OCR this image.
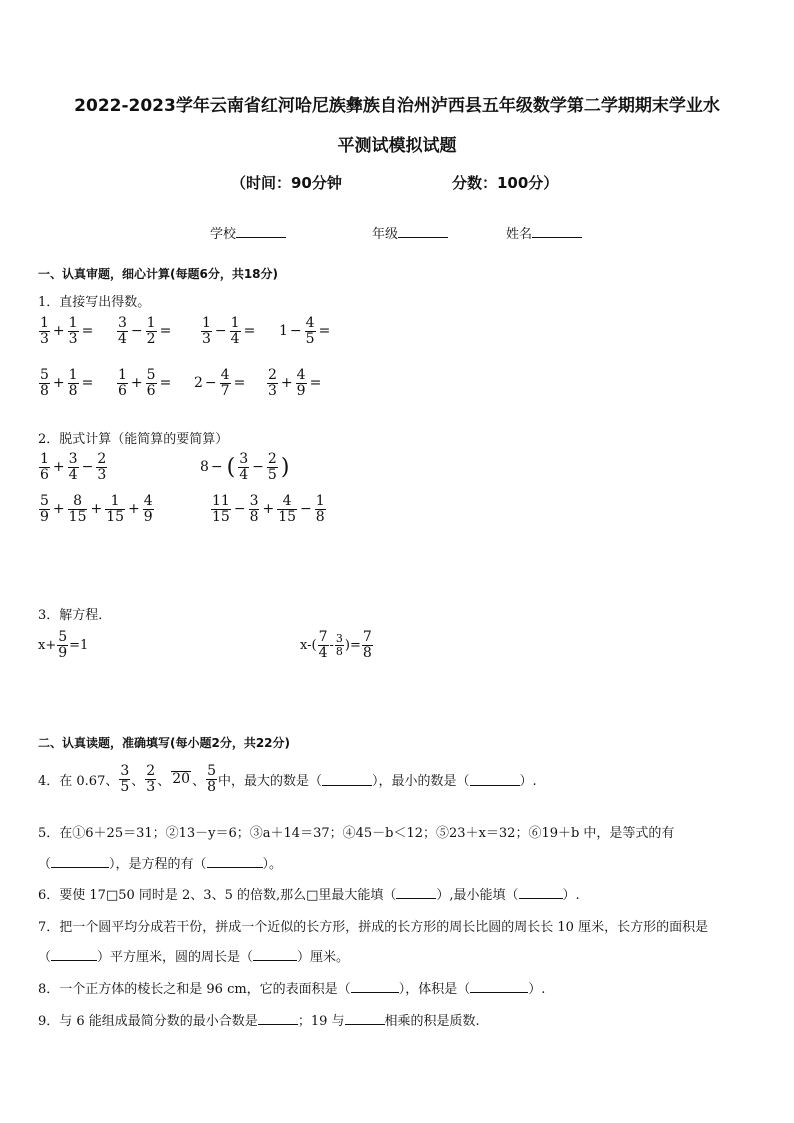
2022-2023学年云南省红河哈尼族彝族自治州泸西县五年级数学第二学期期末学业水
平测试模拟试题
（时间：90分钟	分数：100分）
学校	年级	姓名
一、认真审题，细心计算(每题6分，共18分)
1．直接写出得数。
$\frac{1}{3} + \frac{1}{3} = \frac{3}{4} - \frac{1}{2} = \frac{1}{3} - \frac{1}{4} = 1 - \frac{4}{5}$ =
$\frac{5}{8} + \frac{1}{8} = \frac{1}{6} + \frac{5}{6} = 2 - \frac{4}{7} = \frac{2}{3} + \frac{4}{9}$ =
2．脱式计算（能简算的要简算）
$\frac{1}{6} + \frac{3}{4} - \frac{2}{3}$	8 − ( $\frac{3}{4} - \frac{2}{5}$ )
$\frac{5}{9} + \frac{8}{15} + \frac{1}{15} + \frac{4}{9}$	$\frac{11}{15} - \frac{3}{8} + \frac{4}{15} - \frac{1}{8}$
3．解方程．
$x+ \frac{5}{9} =1$	$x-( \frac{7}{4} - \frac{3}{8}$ )= $\frac{7}{8}$
二、认真读题，准确填写(每小题2分，共22分)
4．在 0.67、 $\frac{3}{5}$ 、 $\frac{2}{3}$ 、 20 、 $\frac{5}{8}$ 中，最大的数是（	），最小的数是（	）.
5．在①6＋25＝31；②13－y＝6；③a＋14＝37；④45－b＜12；⑤23＋x＝32；⑥19＋b 中，是等式的有
（	），是方程的有（	）。
6．要使 17□50 同时是 2、3、5 的倍数,那么□里最大能填（	）,最小能填（	）.
7．把一个圆平均分成若干份，拼成一个近似的长方形，拼成的长方形的周长比圆的周长长 10 厘米，长方形的面积是
（	）平方厘米，圆的周长是（	）厘米。
8．一个正方体的棱长之和是 96 cm，它的表面积是（	），体积是（	）.
9．与 6 能组成最简分数的最小合数是	；19 与	相乘的积是质数.
